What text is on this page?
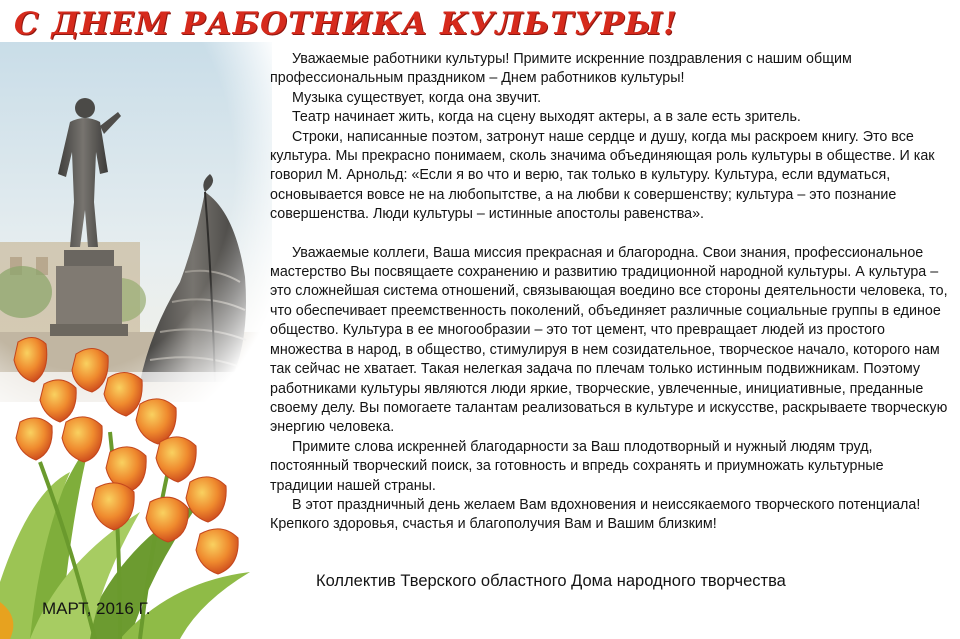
С ДНЕМ РАБОТНИКА КУЛЬТУРЫ!

Уважаемые работники культуры! Примите искренние поздравления с нашим общим профессиональным праздником – Днем работников культуры!

Музыка существует, когда она звучит.

Театр начинает жить, когда на сцену выходят актеры, а в зале есть зритель.

Строки, написанные поэтом, затронут наше сердце и душу, когда мы раскроем книгу. Это все культура. Мы прекрасно понимаем, сколь значима объединяющая роль культуры в обществе. И как говорил М. Арнольд: «Если я во что и верю, так только в культуру. Культура, если вдуматься, основывается вовсе не на любопытстве, а на любви к совершенству; культура – это познание совершенства. Люди культуры – истинные апостолы равенства».

Уважаемые коллеги, Ваша миссия прекрасная и благородна. Свои знания, профессиональное мастерство Вы посвящаете сохранению и развитию традиционной народной культуры. А культура – это сложнейшая система отношений, связывающая воедино все стороны деятельности человека, то, что обеспечивает преемственность поколений, объединяет различные социальные группы в единое общество. Культура в ее многообразии – это тот цемент, что превращает людей из простого множества в народ, в общество, стимулируя в нем созидательное, творческое начало, которого нам так сейчас не хватает. Такая нелегкая задача по плечам только истинным подвижникам. Поэтому работниками культуры являются люди яркие, творческие, увлеченные, инициативные, преданные своему делу. Вы помогаете талантам реализоваться в культуре и искусстве, раскрываете творческую энергию человека.

Примите слова искренней благодарности за Ваш плодотворный и нужный людям труд, постоянный творческий поиск, за готовность и впредь сохранять и приумножать культурные традиции нашей страны.

В этот праздничный день желаем Вам вдохновения и неиссякаемого творческого потенциала! Крепкого здоровья, счастья и благополучия Вам и Вашим близким!

Коллектив Тверского областного Дома народного творчества
МАРТ, 2016 Г.
